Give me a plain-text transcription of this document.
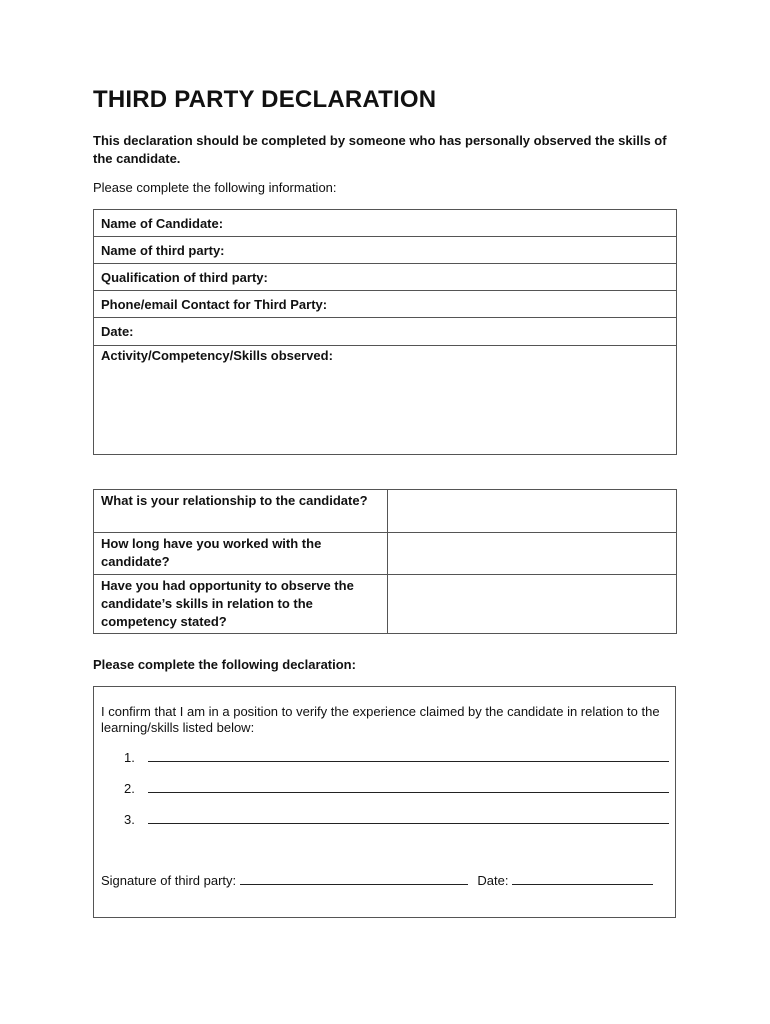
THIRD PARTY DECLARATION

This declaration should be completed by someone who has personally observed the skills of the candidate.

Please complete the following information:

Name of Candidate:
Name of third party:
Qualification of third party:
Phone/email Contact for Third Party:
Date:
Activity/Competency/Skills observed:
What is your relationship to the candidate?	
How long have you worked with the candidate?	
Have you had opportunity to observe the candidate’s skills in relation to the competency stated?	

Please complete the following declaration:

I confirm that I am in a position to verify the experience claimed by the candidate in relation to the learning/skills listed below:

1.
2.
3.
Signature of third party:	Date:
